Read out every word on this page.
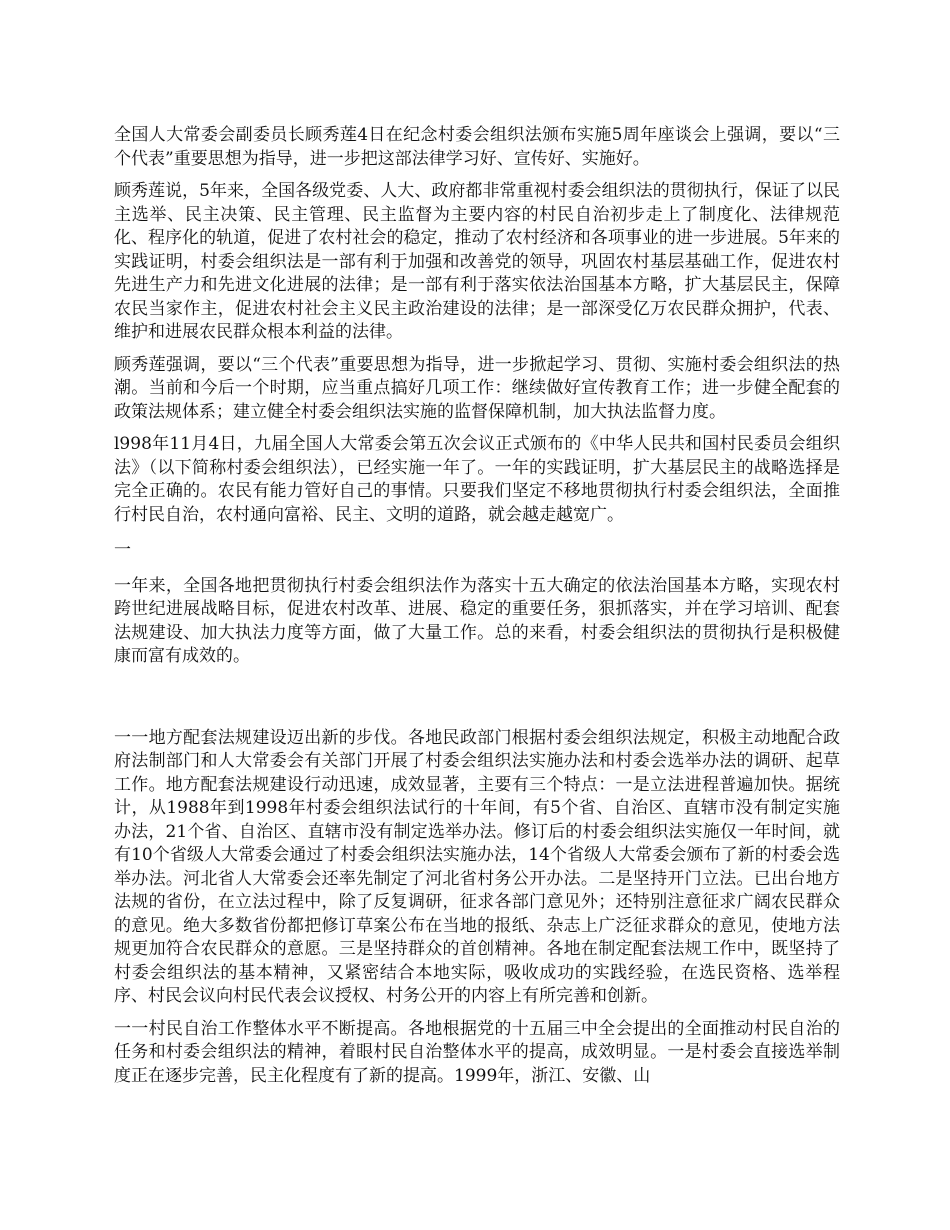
全国人大常委会副委员长顾秀莲4日在纪念村委会组织法颁布实施5周年座谈会上强调，要以“三个代表”重要思想为指导，进一步把这部法律学习好、宣传好、实施好。

顾秀莲说，5年来，全国各级党委、人大、政府都非常重视村委会组织法的贯彻执行，保证了以民主选举、民主决策、民主管理、民主监督为主要内容的村民自治初步走上了制度化、法律规范化、程序化的轨道，促进了农村社会的稳定，推动了农村经济和各项事业的进一步进展。5年来的实践证明，村委会组织法是一部有利于加强和改善党的领导，巩固农村基层基础工作，促进农村先进生产力和先进文化进展的法律；是一部有利于落实依法治国基本方略，扩大基层民主，保障农民当家作主，促进农村社会主义民主政治建设的法律；是一部深受亿万农民群众拥护，代表、维护和进展农民群众根本利益的法律。

顾秀莲强调，要以“三个代表”重要思想为指导，进一步掀起学习、贯彻、实施村委会组织法的热潮。当前和今后一个时期，应当重点搞好几项工作：继续做好宣传教育工作；进一步健全配套的政策法规体系；建立健全村委会组织法实施的监督保障机制，加大执法监督力度。

l998年11月4日，九届全国人大常委会第五次会议正式颁布的《中华人民共和国村民委员会组织法》（以下简称村委会组织法），已经实施一年了。一年的实践证明，扩大基层民主的战略选择是完全正确的。农民有能力管好自己的事情。只要我们坚定不移地贯彻执行村委会组织法，全面推行村民自治，农村通向富裕、民主、文明的道路，就会越走越宽广。

一

一年来，全国各地把贯彻执行村委会组织法作为落实十五大确定的依法治国基本方略，实现农村跨世纪进展战略目标，促进农村改革、进展、稳定的重要任务，狠抓落实，并在学习培训、配套法规建设、加大执法力度等方面，做了大量工作。总的来看，村委会组织法的贯彻执行是积极健康而富有成效的。

一一地方配套法规建设迈出新的步伐。各地民政部门根据村委会组织法规定，积极主动地配合政府法制部门和人大常委会有关部门开展了村委会组织法实施办法和村委会选举办法的调研、起草工作。地方配套法规建设行动迅速，成效显著，主要有三个特点：一是立法进程普遍加快。据统计，从1988年到1998年村委会组织法试行的十年间，有5个省、自治区、直辖市没有制定实施办法，21个省、自治区、直辖市没有制定选举办法。修订后的村委会组织法实施仅一年时间，就有10个省级人大常委会通过了村委会组织法实施办法，14个省级人大常委会颁布了新的村委会选举办法。河北省人大常委会还率先制定了河北省村务公开办法。二是坚持开门立法。已出台地方法规的省份，在立法过程中，除了反复调研，征求各部门意见外；还特别注意征求广阔农民群众的意见。绝大多数省份都把修订草案公布在当地的报纸、杂志上广泛征求群众的意见，使地方法规更加符合农民群众的意愿。三是坚持群众的首创精神。各地在制定配套法规工作中，既坚持了村委会组织法的基本精神，又紧密结合本地实际，吸收成功的实践经验，在选民资格、选举程序、村民会议向村民代表会议授权、村务公开的内容上有所完善和创新。

一一村民自治工作整体水平不断提高。各地根据党的十五届三中全会提出的全面推动村民自治的任务和村委会组织法的精神，着眼村民自治整体水平的提高，成效明显。一是村委会直接选举制度正在逐步完善，民主化程度有了新的提高。1999年，浙江、安徽、山
